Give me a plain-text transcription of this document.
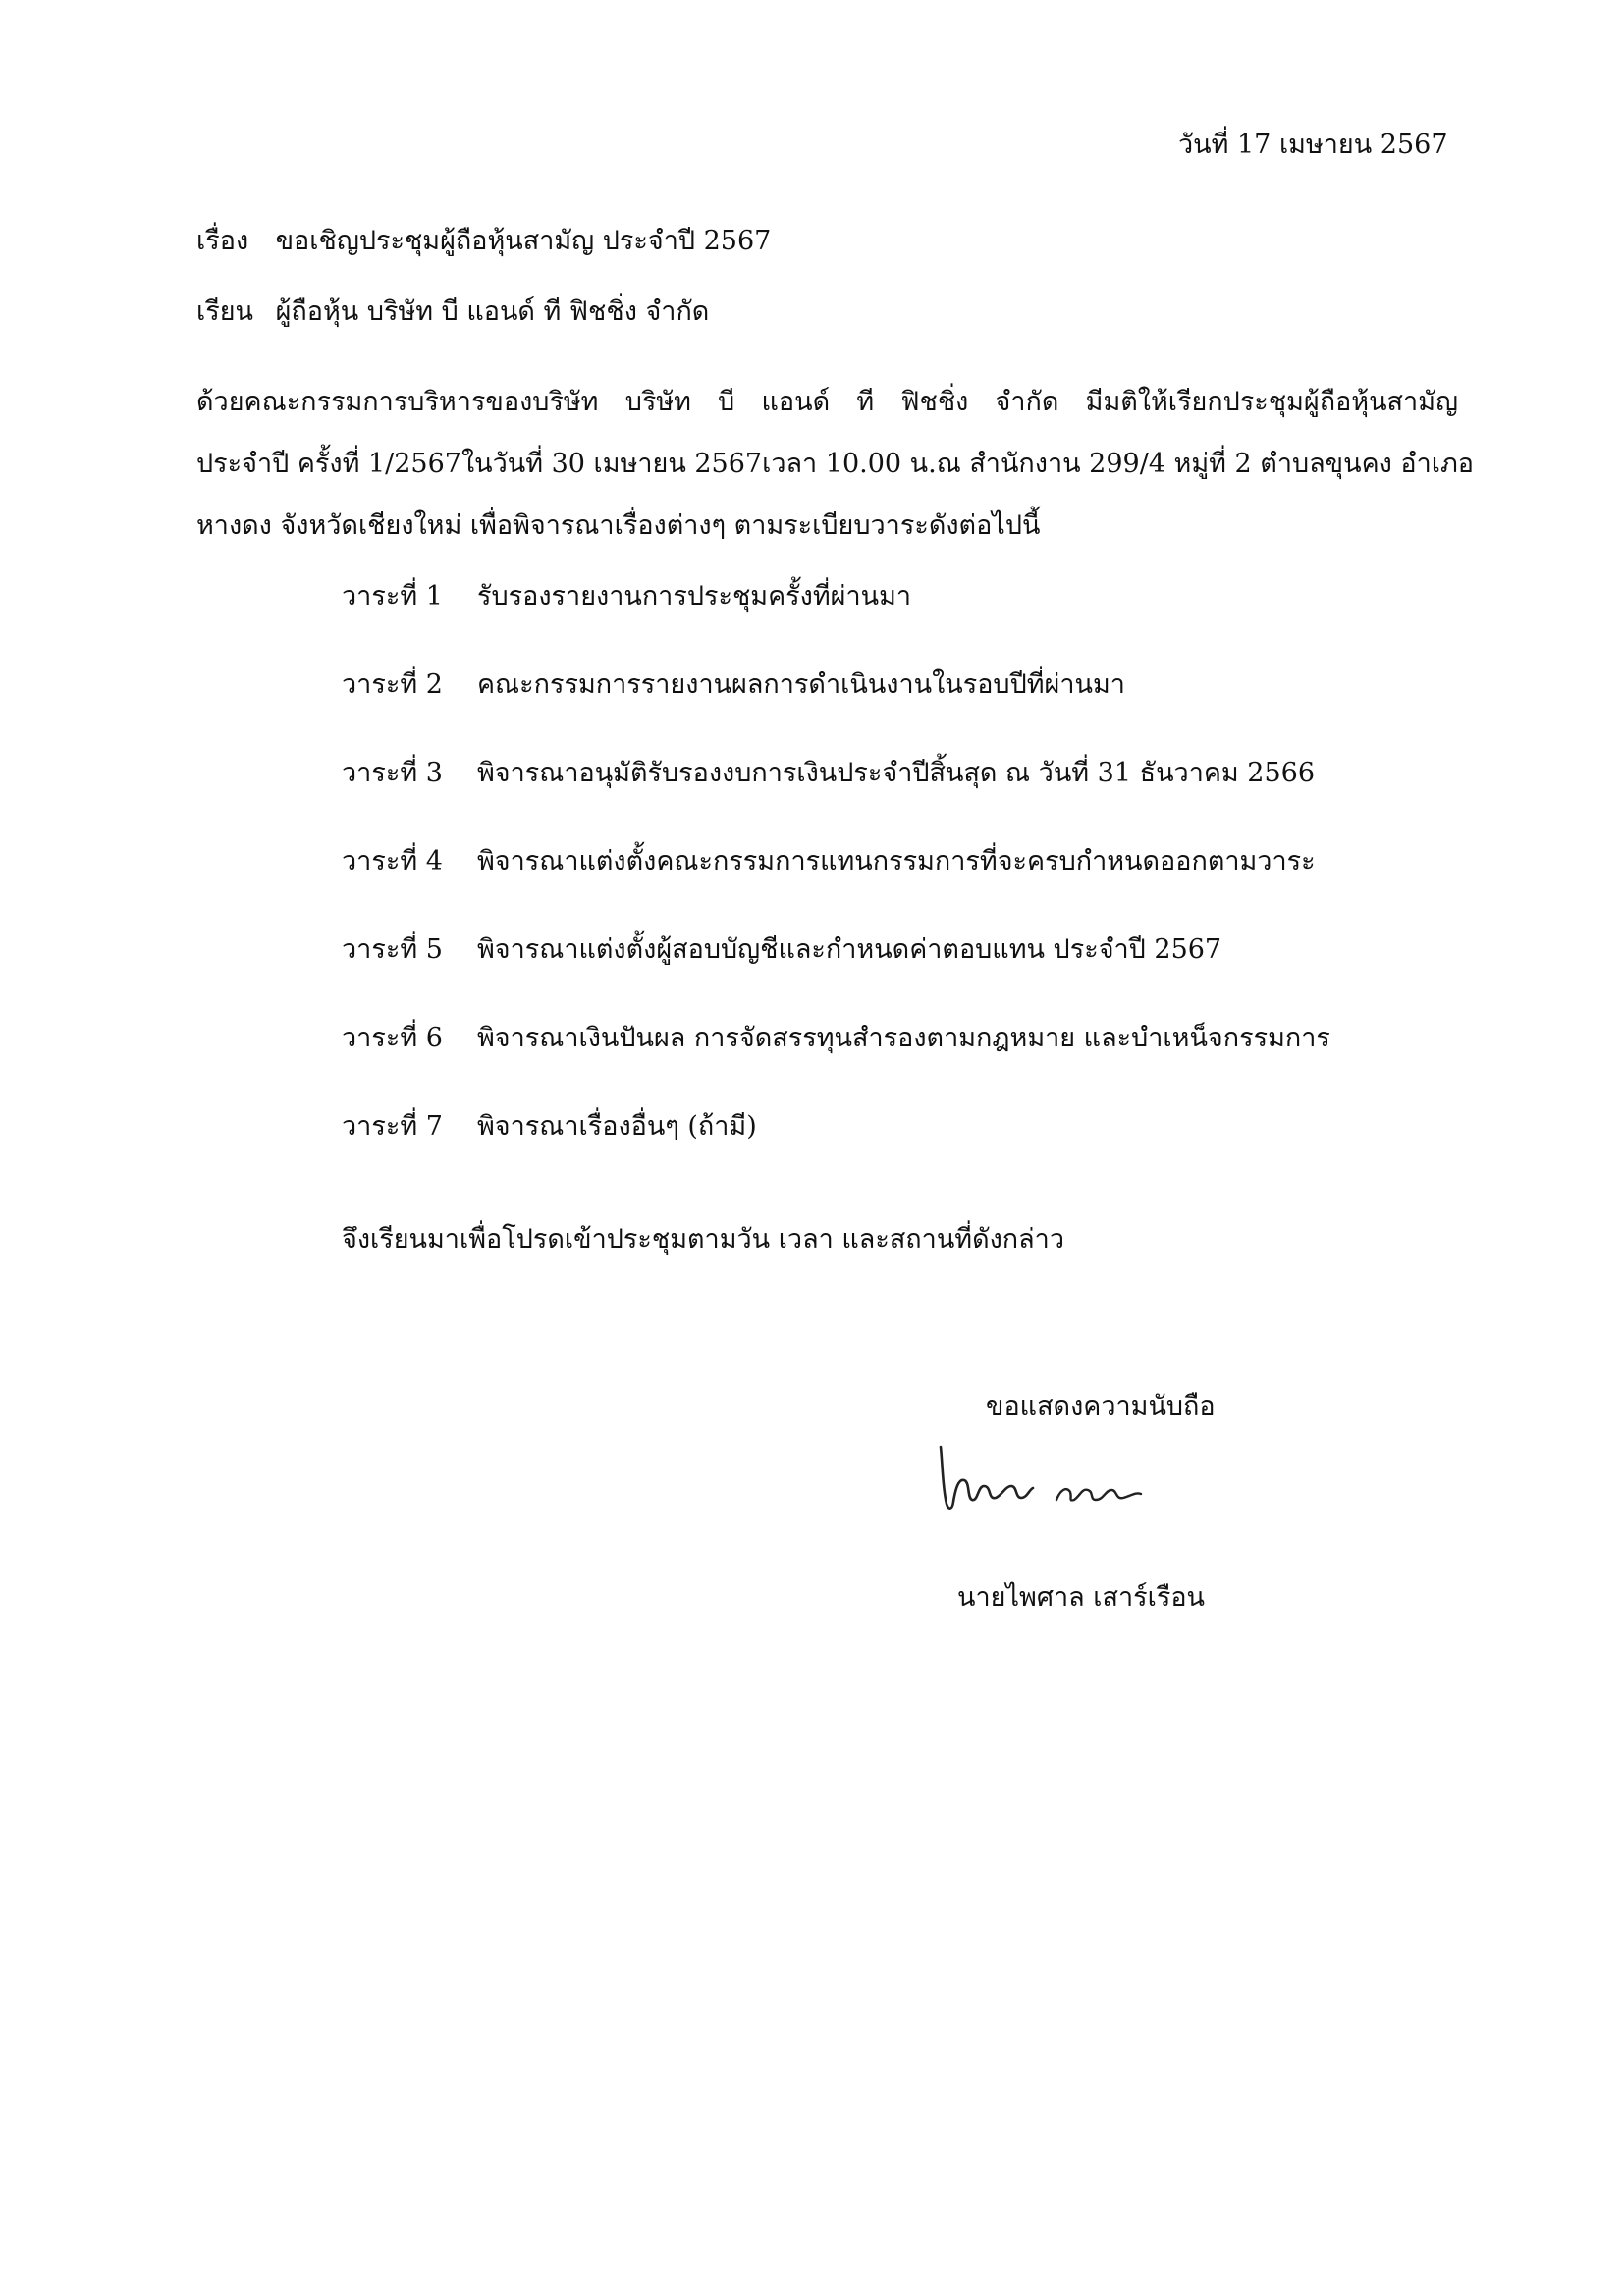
วันที่ 17 เมษายน 2567
เรื่อง ขอเชิญประชุมผู้ถือหุ้นสามัญ ประจำปี 2567
เรียน ผู้ถือหุ้น บริษัท บี แอนด์ ที ฟิชชิ่ง จำกัด
ด้วยคณะกรรมการบริหารของบริษัท บริษัท บี แอนด์ ที ฟิชชิ่ง จำกัด มีมติให้เรียกประชุมผู้ถือหุ้นสามัญ
ประจำปี ครั้งที่ 1/2567ในวันที่ 30 เมษายน 2567เวลา 10.00 น.ณ สำนักงาน 299/4 หมู่ที่ 2 ตำบลขุนคง อำเภอ
หางดง จังหวัดเชียงใหม่ เพื่อพิจารณาเรื่องต่างๆ ตามระเบียบวาระดังต่อไปนี้
วาระที่ 1 รับรองรายงานการประชุมครั้งที่ผ่านมา
วาระที่ 2 คณะกรรมการรายงานผลการดำเนินงานในรอบปีที่ผ่านมา
วาระที่ 3 พิจารณาอนุมัติรับรองงบการเงินประจำปีสิ้นสุด ณ วันที่ 31 ธันวาคม 2566
วาระที่ 4 พิจารณาแต่งตั้งคณะกรรมการแทนกรรมการที่จะครบกำหนดออกตามวาระ
วาระที่ 5 พิจารณาแต่งตั้งผู้สอบบัญชีและกำหนดค่าตอบแทน ประจำปี 2567
วาระที่ 6 พิจารณาเงินปันผล การจัดสรรทุนสำรองตามกฎหมาย และบำเหน็จกรรมการ
วาระที่ 7 พิจารณาเรื่องอื่นๆ (ถ้ามี)
จึงเรียนมาเพื่อโปรดเข้าประชุมตามวัน เวลา และสถานที่ดังกล่าว
ขอแสดงความนับถือ
นายไพศาล เสาร์เรือน
